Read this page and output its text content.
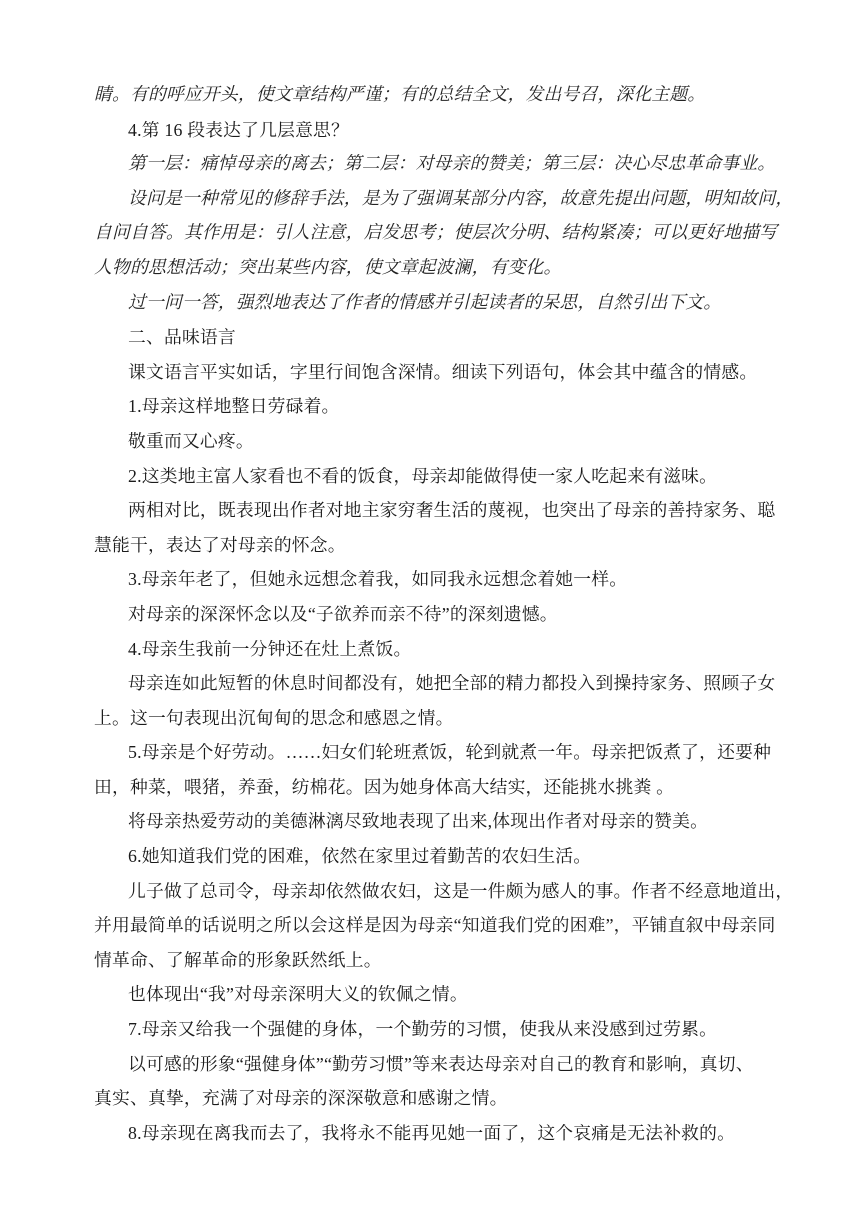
睛。有的呼应开头，使文章结构严谨；有的总结全文，发出号召，深化主题。
4.第 16 段表达了几层意思？
第一层：痛悼母亲的离去；第二层：对母亲的赞美；第三层：决心尽忠革命事业。
设问是一种常见的修辞手法，是为了强调某部分内容，故意先提出问题，明知故问，
自问自答。其作用是：引人注意，启发思考；使层次分明、结构紧凑；可以更好地描写
人物的思想活动；突出某些内容，使文章起波澜，有变化。
过一问一答，强烈地表达了作者的情感并引起读者的呆思，自然引出下文。
二、品味语言
课文语言平实如话，字里行间饱含深情。细读下列语句，体会其中蕴含的情感。
1.母亲这样地整日劳碌着。
敬重而又心疼。
2.这类地主富人家看也不看的饭食，母亲却能做得使一家人吃起来有滋味。
两相对比，既表现出作者对地主家穷奢生活的蔑视，也突出了母亲的善持家务、聪
慧能干，表达了对母亲的怀念。
3.母亲年老了，但她永远想念着我，如同我永远想念着她一样。
对母亲的深深怀念以及“子欲养而亲不待”的深刻遗憾。
4.母亲生我前一分钟还在灶上煮饭。
母亲连如此短暂的休息时间都没有，她把全部的精力都投入到操持家务、照顾子女
上。这一句表现出沉甸甸的思念和感恩之情。
5.母亲是个好劳动。……妇女们轮班煮饭，轮到就煮一年。母亲把饭煮了，还要种
田，种菜，喂猪，养蚕，纺棉花。因为她身体高大结实，还能挑水挑粪 。
将母亲热爱劳动的美德淋漓尽致地表现了出来,体现出作者对母亲的赞美。
6.她知道我们党的困难，依然在家里过着勤苦的农妇生活。
儿子做了总司令，母亲却依然做农妇，这是一件颇为感人的事。作者不经意地道出，
并用最简单的话说明之所以会这样是因为母亲“知道我们党的困难”，平铺直叙中母亲同
情革命、了解革命的形象跃然纸上。
也体现出“我”对母亲深明大义的钦佩之情。
7.母亲又给我一个强健的身体，一个勤劳的习惯，使我从来没感到过劳累。
以可感的形象“强健身体”“勤劳习惯”等来表达母亲对自己的教育和影响，真切、
真实、真挚，充满了对母亲的深深敬意和感谢之情。
8.母亲现在离我而去了，我将永不能再见她一面了，这个哀痛是无法补救的。
